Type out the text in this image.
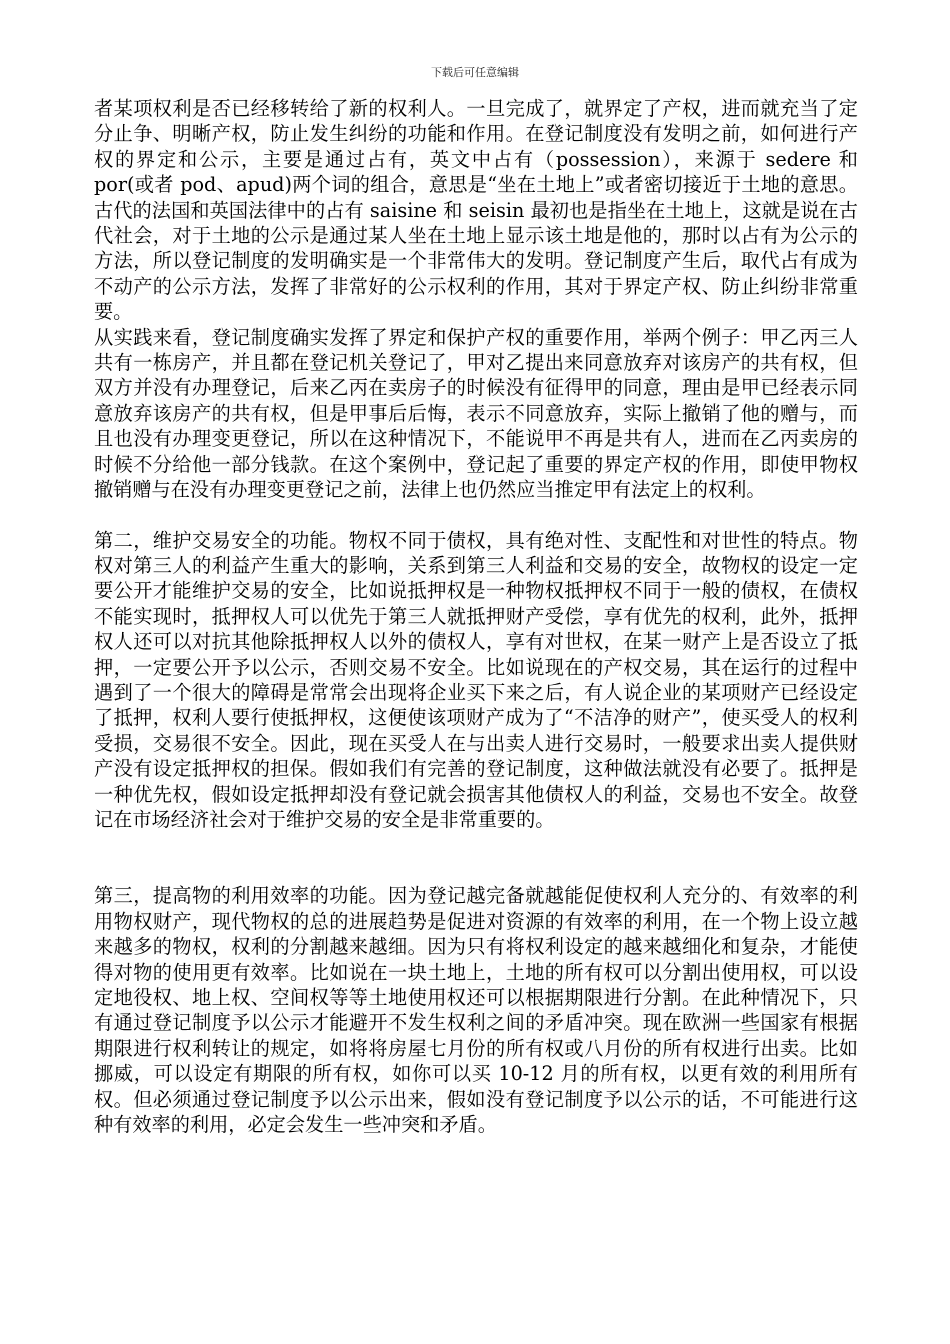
下载后可任意编辑

者某项权利是否已经移转给了新的权利人。一旦完成了，就界定了产权，进而就充当了定分止争、明晰产权，防止发生纠纷的功能和作用。在登记制度没有发明之前，如何进行产权的界定和公示，主要是通过占有，英文中占有（possession），来源于 sedere 和 por(或者 pod、apud)两个词的组合，意思是“坐在土地上”或者密切接近于土地的意思。古代的法国和英国法律中的占有 saisine 和 seisin 最初也是指坐在土地上，这就是说在古代社会，对于土地的公示是通过某人坐在土地上显示该土地是他的，那时以占有为公示的方法，所以登记制度的发明确实是一个非常伟大的发明。登记制度产生后，取代占有成为不动产的公示方法，发挥了非常好的公示权利的作用，其对于界定产权、防止纠纷非常重要。

从实践来看，登记制度确实发挥了界定和保护产权的重要作用，举两个例子：甲乙丙三人共有一栋房产，并且都在登记机关登记了，甲对乙提出来同意放弃对该房产的共有权，但双方并没有办理登记，后来乙丙在卖房子的时候没有征得甲的同意，理由是甲已经表示同意放弃该房产的共有权，但是甲事后后悔，表示不同意放弃，实际上撤销了他的赠与，而且也没有办理变更登记，所以在这种情况下，不能说甲不再是共有人，进而在乙丙卖房的时候不分给他一部分钱款。在这个案例中，登记起了重要的界定产权的作用，即使甲物权撤销赠与在没有办理变更登记之前，法律上也仍然应当推定甲有法定上的权利。

第二，维护交易安全的功能。物权不同于债权，具有绝对性、支配性和对世性的特点。物权对第三人的利益产生重大的影响，关系到第三人利益和交易的安全，故物权的设定一定要公开才能维护交易的安全，比如说抵押权是一种物权抵押权不同于一般的债权，在债权不能实现时，抵押权人可以优先于第三人就抵押财产受偿，享有优先的权利，此外，抵押权人还可以对抗其他除抵押权人以外的债权人，享有对世权，在某一财产上是否设立了抵押，一定要公开予以公示，否则交易不安全。比如说现在的产权交易，其在运行的过程中遇到了一个很大的障碍是常常会出现将企业买下来之后，有人说企业的某项财产已经设定了抵押，权利人要行使抵押权，这便使该项财产成为了“不洁净的财产”，使买受人的权利受损，交易很不安全。因此，现在买受人在与出卖人进行交易时，一般要求出卖人提供财产没有设定抵押权的担保。假如我们有完善的登记制度，这种做法就没有必要了。抵押是一种优先权，假如设定抵押却没有登记就会损害其他债权人的利益，交易也不安全。故登记在市场经济社会对于维护交易的安全是非常重要的。

第三，提高物的利用效率的功能。因为登记越完备就越能促使权利人充分的、有效率的利用物权财产，现代物权的总的进展趋势是促进对资源的有效率的利用，在一个物上设立越来越多的物权，权利的分割越来越细。因为只有将权利设定的越来越细化和复杂，才能使得对物的使用更有效率。比如说在一块土地上，土地的所有权可以分割出使用权，可以设定地役权、地上权、空间权等等土地使用权还可以根据期限进行分割。在此种情况下，只有通过登记制度予以公示才能避开不发生权利之间的矛盾冲突。现在欧洲一些国家有根据期限进行权利转让的规定，如将将房屋七月份的所有权或八月份的所有权进行出卖。比如挪威，可以设定有期限的所有权，如你可以买 10-12 月的所有权，以更有效的利用所有权。但必须通过登记制度予以公示出来，假如没有登记制度予以公示的话，不可能进行这种有效率的利用，必定会发生一些冲突和矛盾。
